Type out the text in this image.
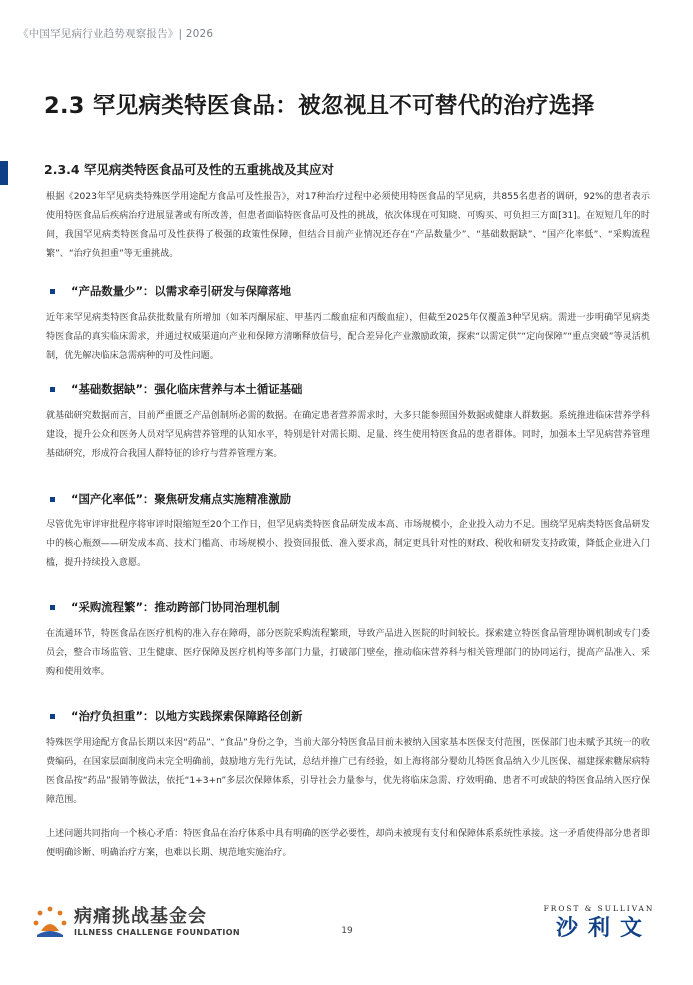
《中国罕见病行业趋势观察报告》| 2026
2.3 罕见病类特医食品：被忽视且不可替代的治疗选择
2.3.4 罕见病类特医食品可及性的五重挑战及其应对
根据《2023年罕见病类特殊医学用途配方食品可及性报告》，对17种治疗过程中必须使用特医食品的罕见病，共855名患者的调研，92%的患者表示使用特医食品后疾病治疗进展显著或有所改善，但患者面临特医食品可及性的挑战，依次体现在可知晓、可购买、可负担三方面[31]。在短短几年的时间，我国罕见病类特医食品可及性获得了极强的政策性保障，但结合目前产业情况还存在“产品数量少”、“基础数据缺”、“国产化率低”、“采购流程繁”、“治疗负担重”等无重挑战。
“产品数量少”：以需求牵引研发与保障落地
近年来罕见病类特医食品获批数量有所增加（如苯丙酮尿症、甲基丙二酸血症和丙酸血症），但截至2025年仅覆盖3种罕见病。需进一步明确罕见病类特医食品的真实临床需求，并通过权威渠道向产业和保障方清晰释放信号，配合差异化产业激励政策，探索“以需定供”“定向保障”“重点突破”等灵活机制，优先解决临床急需病种的可及性问题。
“基础数据缺”：强化临床营养与本土循证基础
就基础研究数据而言，目前严重匮乏产品创制所必需的数据。在确定患者营养需求时，大多只能参照国外数据或健康人群数据。系统推进临床营养学科建设，提升公众和医务人员对罕见病营养管理的认知水平，特别是针对需长期、足量、终生使用特医食品的患者群体。同时，加强本土罕见病营养管理基础研究，形成符合我国人群特征的诊疗与营养管理方案。
“国产化率低”：聚焦研发痛点实施精准激励
尽管优先审评审批程序将审评时限缩短至20个工作日，但罕见病类特医食品研发成本高、市场规模小，企业投入动力不足。围绕罕见病类特医食品研发中的核心瓶颈——研发成本高、技术门槛高、市场规模小、投资回报低、准入要求高，制定更具针对性的财政、税收和研发支持政策，降低企业进入门槛，提升持续投入意愿。
“采购流程繁”：推动跨部门协同治理机制
在流通环节，特医食品在医疗机构的准入存在障碍，部分医院采购流程繁琐，导致产品进入医院的时间较长。探索建立特医食品管理协调机制或专门委员会，整合市场监管、卫生健康、医疗保障及医疗机构等多部门力量，打破部门壁垒，推动临床营养科与相关管理部门的协同运行，提高产品准入、采购和使用效率。
“治疗负担重”：以地方实践探索保障路径创新
特殊医学用途配方食品长期以来因“药品”、“食品”身份之争，当前大部分特医食品目前未被纳入国家基本医保支付范围，医保部门也未赋予其统一的收费编码，在国家层面制度尚未完全明确前，鼓励地方先行先试，总结并推广已有经验，如上海将部分婴幼儿特医食品纳入少儿医保、福建探索糖尿病特医食品按“药品”报销等做法，依托“1+3+n”多层次保障体系，引导社会力量参与，优先将临床急需、疗效明确、患者不可或缺的特医食品纳入医疗保障范围。
上述问题共同指向一个核心矛盾：特医食品在治疗体系中具有明确的医学必要性，却尚未被现有支付和保障体系系统性承接。这一矛盾使得部分患者即便明确诊断、明确治疗方案，也难以长期、规范地实施治疗。
病痛挑战基金会
ILLNESS CHALLENGE FOUNDATION	19
FROST & SULLIVAN
沙利文
